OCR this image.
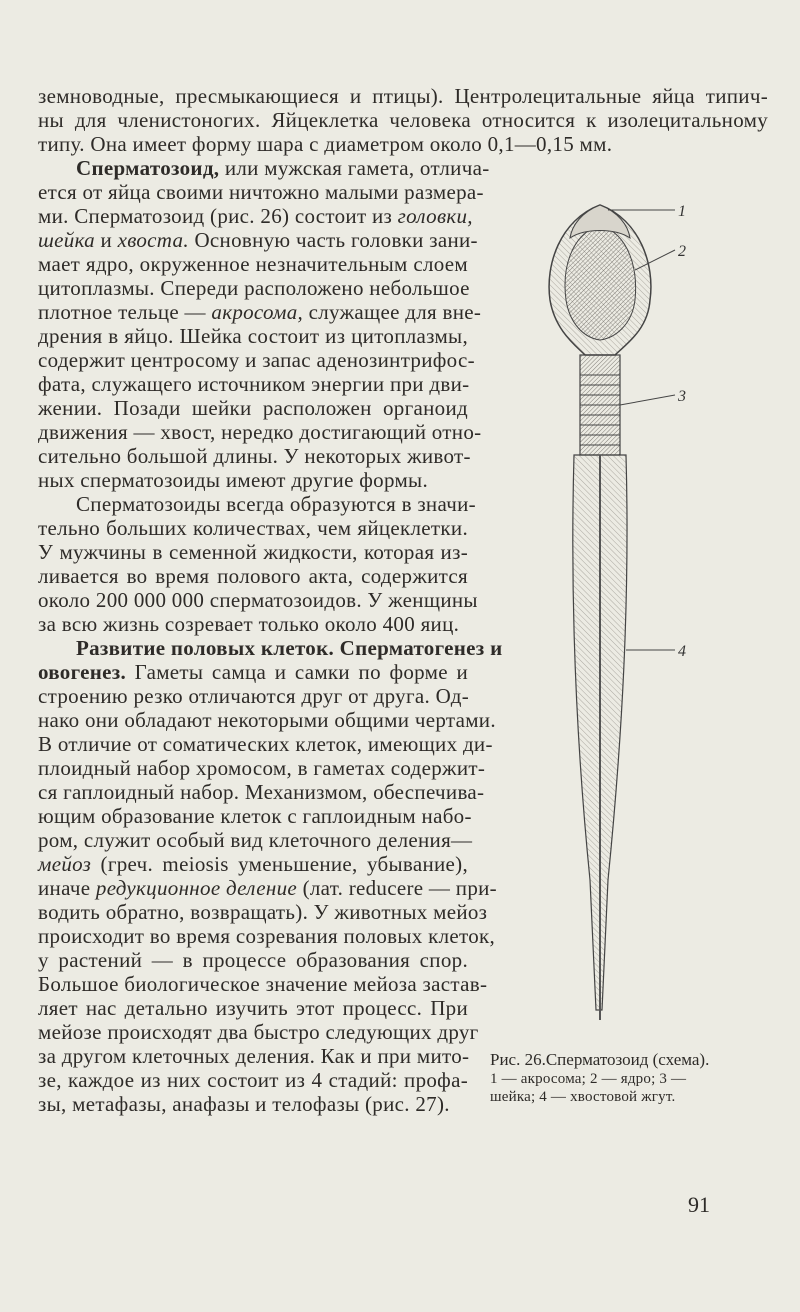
земноводные, пресмыкающиеся и птицы). Центролецитальные яйца типич-
ны для членистоногих. Яйцеклетка человека относится к изолецитальному
типу. Она имеет форму шара с диаметром около 0,1—0,15 мм.
Сперматозоид, или мужская гамета, отлича-
ется от яйца своими ничтожно малыми размера-
ми. Сперматозоид (рис. 26) состоит из головки,
шейка и хвоста. Основную часть головки зани-
мает ядро, окруженное незначительным слоем
цитоплазмы. Спереди расположено небольшое
плотное тельце — акросома, служащее для вне-
дрения в яйцо. Шейка состоит из цитоплазмы,
содержит центросому и запас аденозинтрифос-
фата, служащего источником энергии при дви-
жении. Позади шейки расположен органоид
движения — хвост, нередко достигающий отно-
сительно большой длины. У некоторых живот-
ных сперматозоиды имеют другие формы.
Сперматозоиды всегда образуются в значи-
тельно больших количествах, чем яйцеклетки.
У мужчины в семенной жидкости, которая из-
ливается во время полового акта, содержится
около 200 000 000 сперматозоидов. У женщины
за всю жизнь созревает только около 400 яиц.
Развитие половых клеток. Сперматогенез и
овогенез. Гаметы самца и самки по форме и
строению резко отличаются друг от друга. Од-
нако они обладают некоторыми общими чертами.
В отличие от соматических клеток, имеющих ди-
плоидный набор хромосом, в гаметах содержит-
ся гаплоидный набор. Механизмом, обеспечива-
ющим образование клеток с гаплоидным набо-
ром, служит особый вид клеточного деления—
мейоз (греч. meiosis уменьшение, убывание),
иначе редукционное деление (лат. reducere — при-
водить обратно, возвращать). У животных мейоз
происходит во время созревания половых клеток,
у растений — в процессе образования спор.
Большое биологическое значение мейоза застав-
ляет нас детально изучить этот процесс. При
мейозе происходят два быстро следующих друг
за другом клеточных деления. Как и при мито-
зе, каждое из них состоит из 4 стадий: профа-
зы, метафазы, анафазы и телофазы (рис. 27).
1
2
3
4
Рис. 26.Сперматозоид (схема).
1 — акросома; 2 — ядро; 3 —
шейка; 4 — хвостовой жгут.
91
